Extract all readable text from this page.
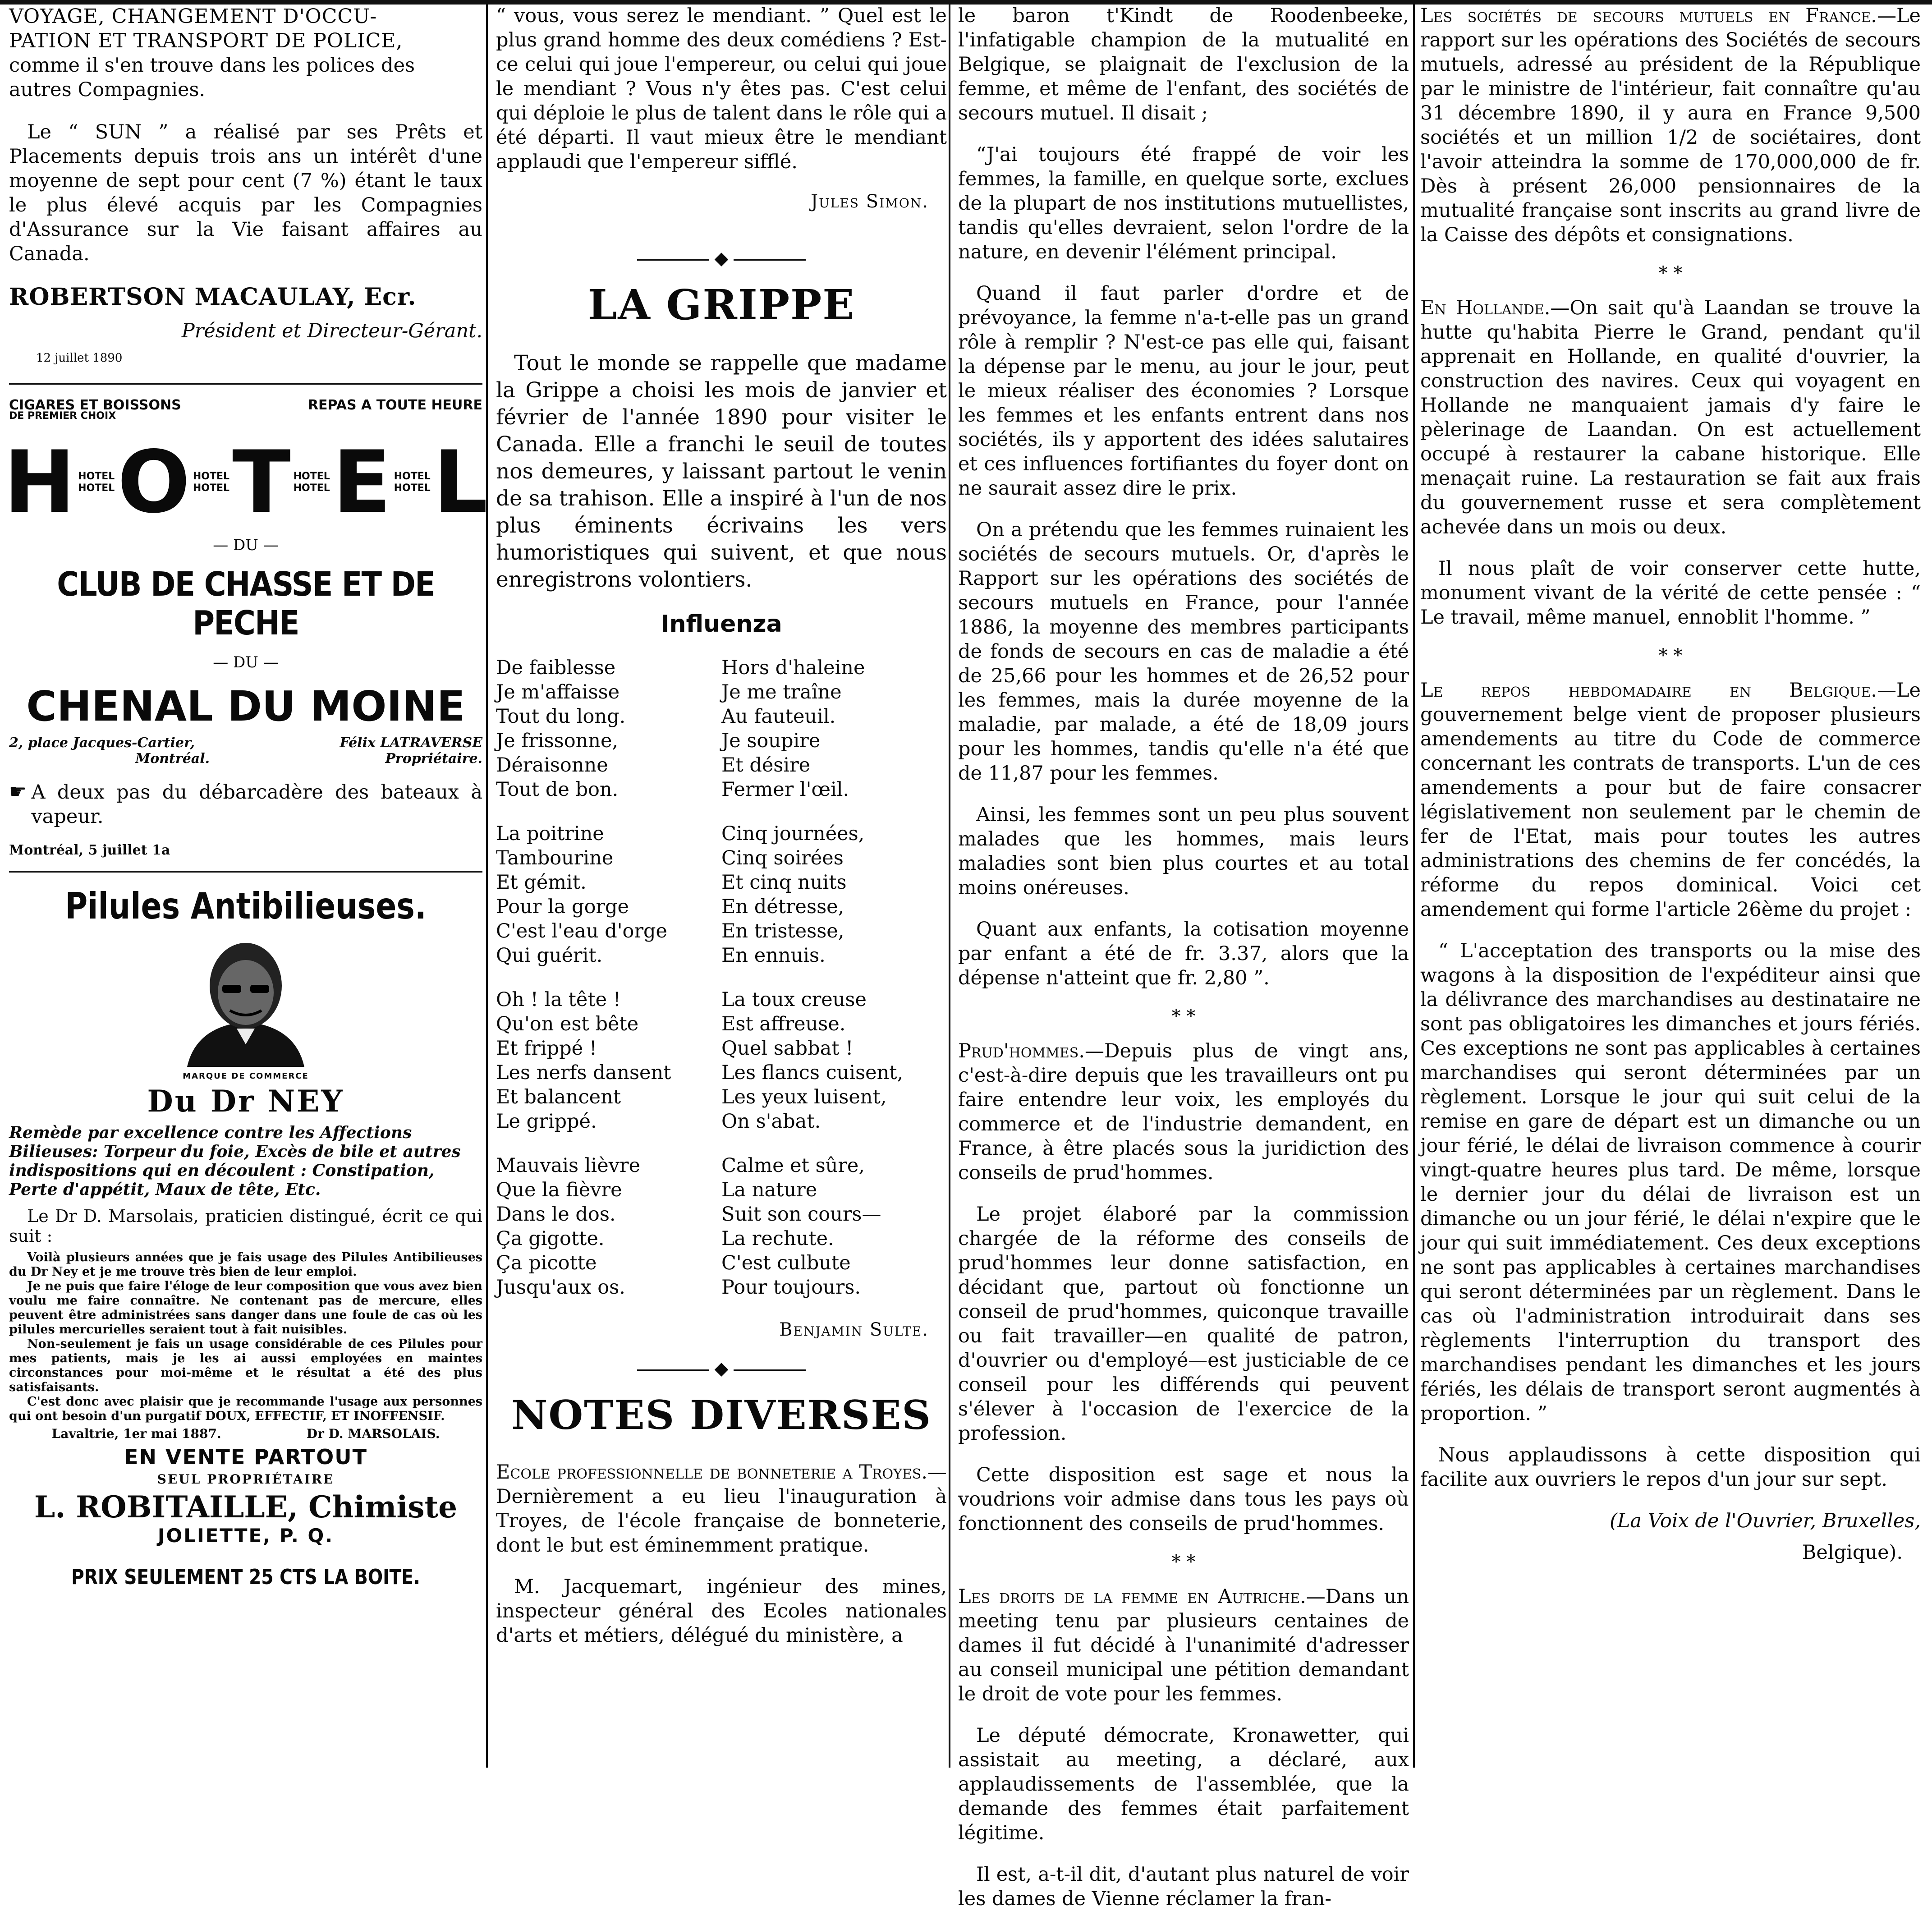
VOYAGE, CHANGEMENT D'OCCU-

PATION ET TRANSPORT DE POLICE,

comme il s'en trouve dans les polices des

autres Compagnies.

Le “ SUN ” a réalisé par ses Prêts et Placements depuis trois ans un intérêt d'une moyenne de sept pour cent (7 %) étant le taux le plus élevé acquis par les Compagnies d'Assurance sur la Vie faisant affaires au Canada.

ROBERTSON MACAULAY, Ecr.
Président et Directeur-Gérant.
12 juillet 1890
CIGARES ET BOISSONS	REPAS A TOUTE HEURE
DE PREMIER CHOIX
H HOTEL
HOTEL O HOTEL
HOTEL T HOTEL
HOTEL E HOTEL
HOTEL L
— DU —
CLUB DE CHASSE ET DE PECHE
— DU —
CHENAL DU MOINE
2, place Jacques-Cartier,	Félix LATRAVERSE
Montréal.	Propriétaire.
☛ A deux pas du débarcadère des bateaux à vapeur.

Montréal, 5 juillet 1a
Pilules Antibilieuses.
MARQUE DE COMMERCE
Du Dr NEY
Remède par excellence contre les Affections Bilieuses: Torpeur du foie, Excès de bile et autres indispositions qui en découlent : Constipation, Perte d'appétit, Maux de tête, Etc.

Le Dr D. Marsolais, praticien distingué, écrit ce qui suit :

Voilà plusieurs années que je fais usage des Pilules Antibilieuses du Dr Ney et je me trouve très bien de leur emploi.

Je ne puis que faire l'éloge de leur composition que vous avez bien voulu me faire connaître. Ne contenant pas de mercure, elles peuvent être administrées sans danger dans une foule de cas où les pilules mercurielles seraient tout à fait nuisibles.

Non-seulement je fais un usage considérable de ces Pilules pour mes patients, mais je les ai aussi employées en maintes circonstances pour moi-même et le résultat a été des plus satisfaisants.

C'est donc avec plaisir que je recommande l'usage aux personnes qui ont besoin d'un purgatif DOUX, EFFECTIF, ET INOFFENSIF.

Lavaltrie, 1er mai 1887.	Dr D. MARSOLAIS.
EN VENTE PARTOUT
SEUL PROPRIÉTAIRE
L. ROBITAILLE, Chimiste
JOLIETTE, P. Q.
PRIX SEULEMENT 25 CTS LA BOITE.

“ vous, vous serez le mendiant. ” Quel est le plus grand homme des deux comédiens ? Est-ce celui qui joue l'empereur, ou celui qui joue le mendiant ? Vous n'y êtes pas. C'est celui qui déploie le plus de talent dans le rôle qui a été départi. Il vaut mieux être le mendiant applaudi que l'empereur sifflé.

Jules Simon.
◆
LA GRIPPE

Tout le monde se rappelle que madame la Grippe a choisi les mois de janvier et février de l'année 1890 pour visiter le Canada. Elle a franchi le seuil de toutes nos demeures, y laissant partout le venin de sa trahison. Elle a inspiré à l'un de nos plus éminents écrivains les vers humoristiques qui suivent, et que nous enregistrons volontiers.

Influenza
De faiblesse
Je m'affaisse
Tout du long.
Je frissonne,
Déraisonne
Tout de bon.
Hors d'haleine
Je me traîne
Au fauteuil.
Je soupire
Et désire
Fermer l'œil.
La poitrine
Tambourine
Et gémit.
Pour la gorge
C'est l'eau d'orge
Qui guérit.
Cinq journées,
Cinq soirées
Et cinq nuits
En détresse,
En tristesse,
En ennuis.
Oh ! la tête !
Qu'on est bête
Et frippé !
Les nerfs dansent
Et balancent
Le grippé.
La toux creuse
Est affreuse.
Quel sabbat !
Les flancs cuisent,
Les yeux luisent,
On s'abat.
Mauvais lièvre
Que la fièvre
Dans le dos.
Ça gigotte.
Ça picotte
Jusqu'aux os.
Calme et sûre,
La nature
Suit son cours—
La rechute.
C'est culbute
Pour toujours.
Benjamin Sulte.
◆
NOTES DIVERSES

Ecole professionnelle de bonneterie a Troyes.—Dernièrement a eu lieu l'inauguration à Troyes, de l'école française de bonneterie, dont le but est éminemment pratique.

M. Jacquemart, ingénieur des mines, inspecteur général des Ecoles nationales d'arts et métiers, délégué du ministère, a

le baron t'Kindt de Roodenbeeke, l'infatigable champion de la mutualité en Belgique, se plaignait de l'exclusion de la femme, et même de l'enfant, des sociétés de secours mutuel. Il disait ;

“J'ai toujours été frappé de voir les femmes, la famille, en quelque sorte, exclues de la plupart de nos institutions mutuellistes, tandis qu'elles devraient, selon l'ordre de la nature, en devenir l'élément principal.

Quand il faut parler d'ordre et de prévoyance, la femme n'a-t-elle pas un grand rôle à remplir ? N'est-ce pas elle qui, faisant la dépense par le menu, au jour le jour, peut le mieux réaliser des économies ? Lorsque les femmes et les enfants entrent dans nos sociétés, ils y apportent des idées salutaires et ces influences fortifiantes du foyer dont on ne saurait assez dire le prix.

On a prétendu que les femmes ruinaient les sociétés de secours mutuels. Or, d'après le Rapport sur les opérations des sociétés de secours mutuels en France, pour l'année 1886, la moyenne des membres participants de fonds de secours en cas de maladie a été de 25,66 pour les hommes et de 26,52 pour les femmes, mais la durée moyenne de la maladie, par malade, a été de 18,09 jours pour les hommes, tandis qu'elle n'a été que de 11,87 pour les femmes.

Ainsi, les femmes sont un peu plus souvent malades que les hommes, mais leurs maladies sont bien plus courtes et au total moins onéreuses.

Quant aux enfants, la cotisation moyenne par enfant a été de fr. 3.37, alors que la dépense n'atteint que fr. 2,80 ”.

* *

Prud'hommes.—Depuis plus de vingt ans, c'est-à-dire depuis que les travailleurs ont pu faire entendre leur voix, les employés du commerce et de l'industrie demandent, en France, à être placés sous la juridiction des conseils de prud'hommes.

Le projet élaboré par la commission chargée de la réforme des conseils de prud'hommes leur donne satisfaction, en décidant que, partout où fonctionne un conseil de prud'hommes, quiconque travaille ou fait travailler—en qualité de patron, d'ouvrier ou d'employé—est justiciable de ce conseil pour les différends qui peuvent s'élever à l'occasion de l'exercice de la profession.

Cette disposition est sage et nous la voudrions voir admise dans tous les pays où fonctionnent des conseils de prud'hommes.

* *

Les droits de la femme en Autriche.—Dans un meeting tenu par plusieurs centaines de dames il fut décidé à l'unanimité d'adresser au conseil municipal une pétition demandant le droit de vote pour les femmes.

Le député démocrate, Kronawetter, qui assistait au meeting, a déclaré, aux applaudissements de l'assemblée, que la demande des femmes était parfaitement légitime.

Il est, a-t-il dit, d'autant plus naturel de voir les dames de Vienne réclamer la fran-

Les sociétés de secours mutuels en France.—Le rapport sur les opérations des Sociétés de secours mutuels, adressé au président de la République par le ministre de l'intérieur, fait connaître qu'au 31 décembre 1890, il y aura en France 9,500 sociétés et un million 1/2 de sociétaires, dont l'avoir atteindra la somme de 170,000,000 de fr. Dès à présent 26,000 pensionnaires de la mutualité française sont inscrits au grand livre de la Caisse des dépôts et consignations.

* *

En Hollande.—On sait qu'à Laandan se trouve la hutte qu'habita Pierre le Grand, pendant qu'il apprenait en Hollande, en qualité d'ouvrier, la construction des navires. Ceux qui voyagent en Hollande ne manquaient jamais d'y faire le pèlerinage de Laandan. On est actuellement occupé à restaurer la cabane historique. Elle menaçait ruine. La restauration se fait aux frais du gouvernement russe et sera complètement achevée dans un mois ou deux.

Il nous plaît de voir conserver cette hutte, monument vivant de la vérité de cette pensée : “ Le travail, même manuel, ennoblit l'homme. ”

* *

Le repos hebdomadaire en Belgique.—Le gouvernement belge vient de proposer plusieurs amendements au titre du Code de commerce concernant les contrats de transports. L'un de ces amendements a pour but de faire consacrer législativement non seulement par le chemin de fer de l'Etat, mais pour toutes les autres administrations des chemins de fer concédés, la réforme du repos dominical. Voici cet amendement qui forme l'article 26ème du projet :

“ L'acceptation des transports ou la mise des wagons à la disposition de l'expéditeur ainsi que la délivrance des marchandises au destinataire ne sont pas obligatoires les dimanches et jours fériés. Ces exceptions ne sont pas applicables à certaines marchandises qui seront déterminées par un règlement. Lorsque le jour qui suit celui de la remise en gare de départ est un dimanche ou un jour férié, le délai de livraison commence à courir vingt-quatre heures plus tard. De même, lorsque le dernier jour du délai de livraison est un dimanche ou un jour férié, le délai n'expire que le jour qui suit immédiatement. Ces deux exceptions ne sont pas applicables à certaines marchandises qui seront déterminées par un règlement. Dans le cas où l'administration introduirait dans ses règlements l'interruption du transport des marchandises pendant les dimanches et les jours fériés, les délais de transport seront augmentés à proportion. ”

Nous applaudissons à cette disposition qui facilite aux ouvriers le repos d'un jour sur sept.

(La Voix de l'Ouvrier, Bruxelles,
Belgique).
